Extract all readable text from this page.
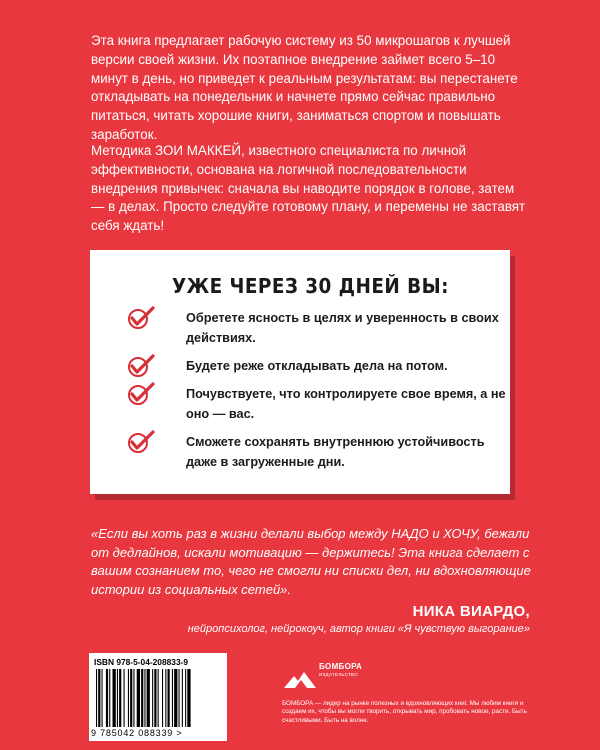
Эта книга предлагает рабочую систему из 50 микрошагов к лучшей версии своей жизни. Их поэтапное внедрение займет всего 5–10 минут в день, но приведет к реальным результатам: вы перестанете откладывать на понедельник и начнете прямо сейчас правильно питаться, читать хорошие книги, заниматься спортом и повышать заработок.

Методика ЗОИ МАККЕЙ, известного специалиста по личной эффективности, основана на логичной последовательности внедрения привычек: сначала вы наводите порядок в голове, затем — в делах. Просто следуйте готовому плану, и перемены не заставят себя ждать!

УЖЕ ЧЕРЕЗ 30 ДНЕЙ ВЫ:
Обретете ясность в целях и уверенность в своих действиях.
Будете реже откладывать дела на потом.
Почувствуете, что контролируете свое время, а не оно — вас.
Сможете сохранять внутреннюю устойчивость даже в загруженные дни.

«Если вы хоть раз в жизни делали выбор между НАДО и ХОЧУ, бежали от дедлайнов, искали мотивацию — держитесь! Эта книга сделает с вашим сознанием то, чего не смогли ни списки дел, ни вдохновляющие истории из социальных сетей».

НИКА ВИАРДО,
нейропсихолог, нейрокоуч, автор книги «Я чувствую выгорание»
ISBN 978-5-04-208833-9
9 785042 088339 >
БОМБОРА
ИЗДАТЕЛЬСТВО

БОМБОРА — лидер на рынке полезных и вдохновляющих книг. Мы любим книги и создаем их, чтобы вы могли творить, открывать мир, пробовать новое, расти. Быть счастливыми. Быть на волне.
